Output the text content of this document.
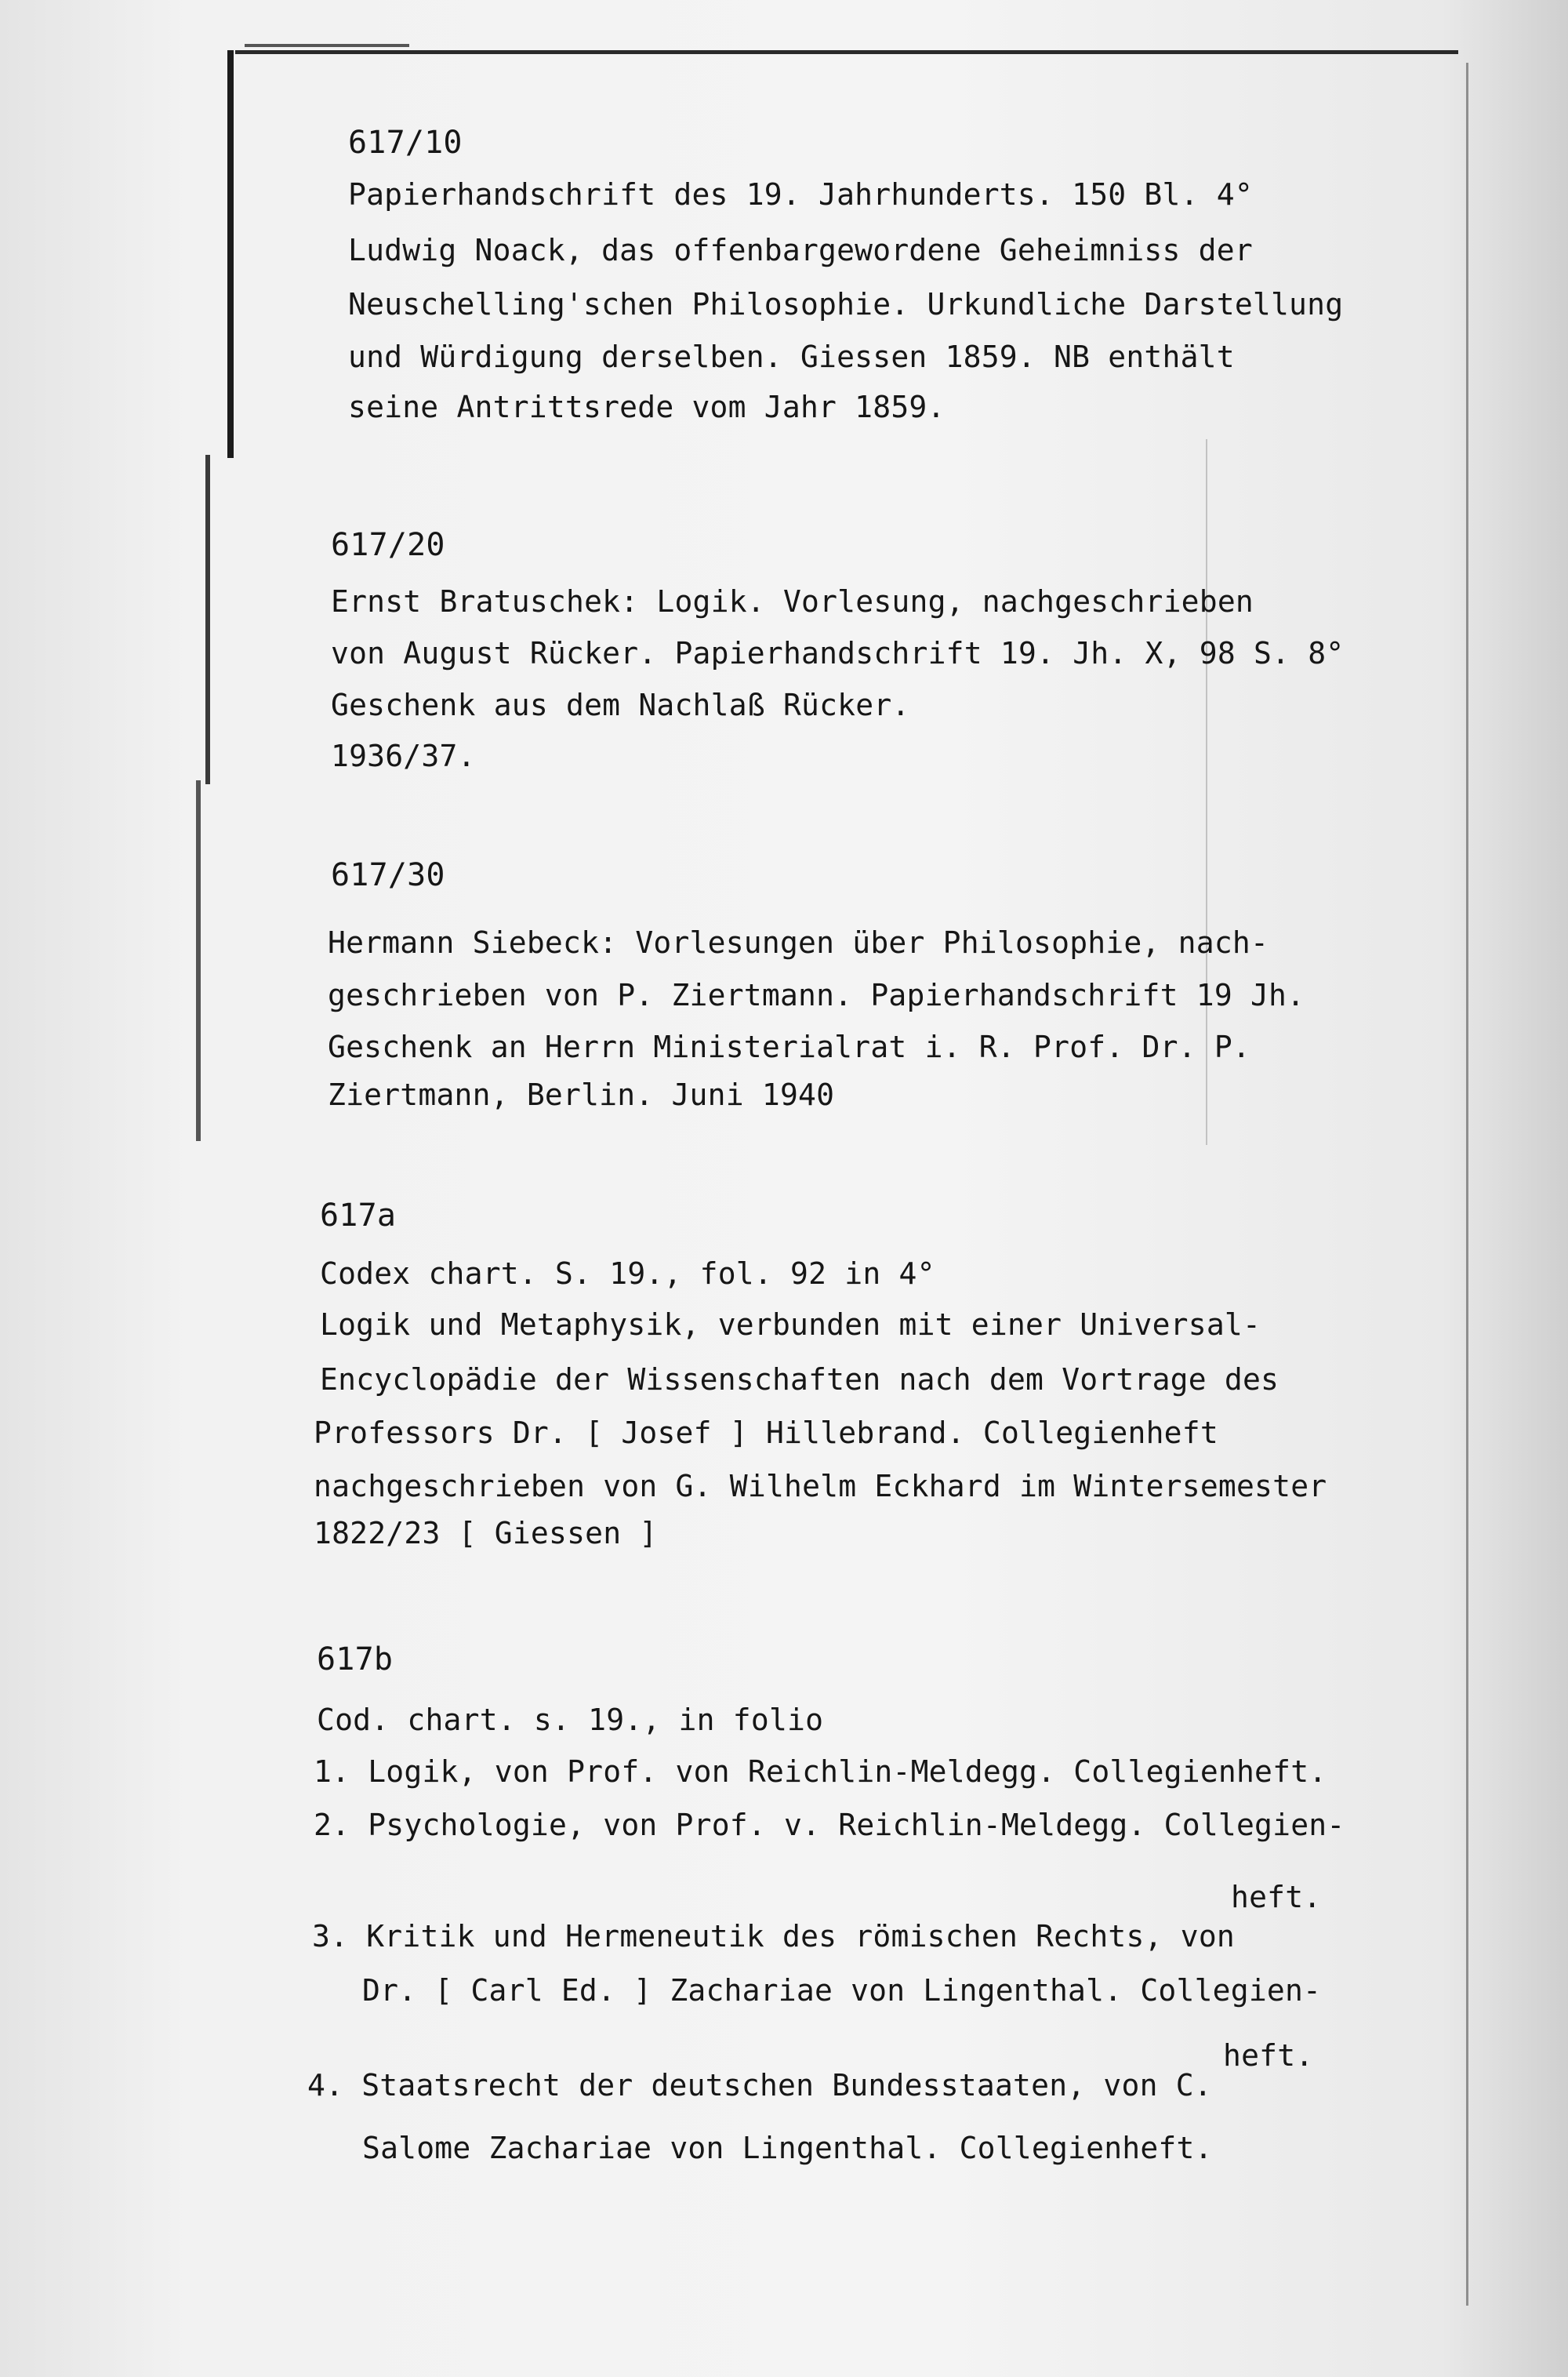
617/10
Papierhandschrift des 19. Jahrhunderts. 150 Bl. 4°
Ludwig Noack, das offenbargewordene Geheimniss der
Neuschelling'schen Philosophie. Urkundliche Darstellung
und Würdigung derselben. Giessen 1859. NB enthält
seine Antrittsrede vom Jahr 1859.
617/20
Ernst Bratuschek: Logik. Vorlesung, nachgeschrieben
von August Rücker. Papierhandschrift 19. Jh. X, 98 S. 8°
Geschenk aus dem Nachlaß Rücker.
1936/37.
617/30
Hermann Siebeck: Vorlesungen über Philosophie, nach-
geschrieben von P. Ziertmann. Papierhandschrift 19 Jh.
Geschenk an Herrn Ministerialrat i. R. Prof. Dr. P.
Ziertmann, Berlin. Juni 1940
617a
Codex chart. S. 19., fol. 92 in 4°
Logik und Metaphysik, verbunden mit einer Universal-
Encyclopädie der Wissenschaften nach dem Vortrage des
Professors Dr. [ Josef ] Hillebrand. Collegienheft
nachgeschrieben von G. Wilhelm Eckhard im Wintersemester
1822/23 [ Giessen ]
617b
Cod. chart. s. 19., in folio
1. Logik, von Prof. von Reichlin-Meldegg. Collegienheft.
2. Psychologie, von Prof. v. Reichlin-Meldegg. Collegien-
heft.
3. Kritik und Hermeneutik des römischen Rechts, von
Dr. [ Carl Ed. ] Zachariae von Lingenthal. Collegien-
heft.
4. Staatsrecht der deutschen Bundesstaaten, von C.
Salome Zachariae von Lingenthal. Collegienheft.
